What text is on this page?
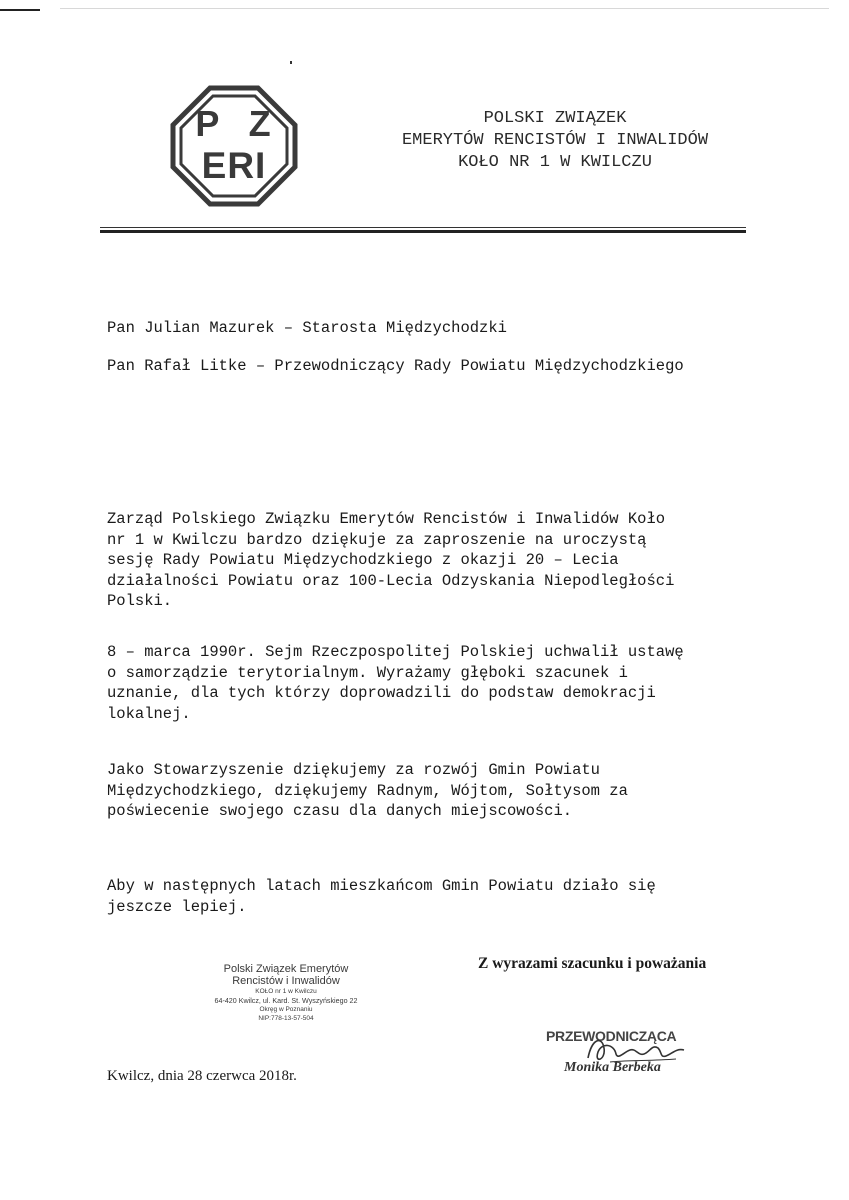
P Z
ERI
POLSKI ZWIĄZEK
EMERYTÓW RENCISTÓW I INWALIDÓW
KOŁO NR 1 W KWILCZU
Pan Julian Mazurek – Starosta Międzychodzki
Pan Rafał Litke – Przewodniczący Rady Powiatu Międzychodzkiego
Zarząd Polskiego Związku Emerytów Rencistów i Inwalidów Koło
nr 1 w Kwilczu bardzo dziękuje za zaproszenie na uroczystą
sesję Rady Powiatu Międzychodzkiego z okazji 20 – Lecia
działalności Powiatu oraz 100-Lecia Odzyskania Niepodległości
Polski.
8 – marca 1990r. Sejm Rzeczpospolitej Polskiej uchwalił ustawę
o samorządzie terytorialnym. Wyrażamy głęboki szacunek i
uznanie, dla tych którzy doprowadzili do podstaw demokracji
lokalnej.
Jako Stowarzyszenie dziękujemy za rozwój Gmin Powiatu
Międzychodzkiego, dziękujemy Radnym, Wójtom, Sołtysom za
poświecenie swojego czasu dla danych miejscowości.
Aby w następnych latach mieszkańcom Gmin Powiatu działo się
jeszcze lepiej.
Z wyrazami szacunku i poważania
Polski Związek Emerytów
Rencistów i Inwalidów
KOŁO nr 1 w Kwilczu
64-420 Kwilcz, ul. Kard. St. Wyszyńskiego 22
Okręg w Poznaniu
NIP:778-13-57-504
PRZEWODNICZĄCA
Monika Berbeka
Kwilcz, dnia 28 czerwca 2018r.
